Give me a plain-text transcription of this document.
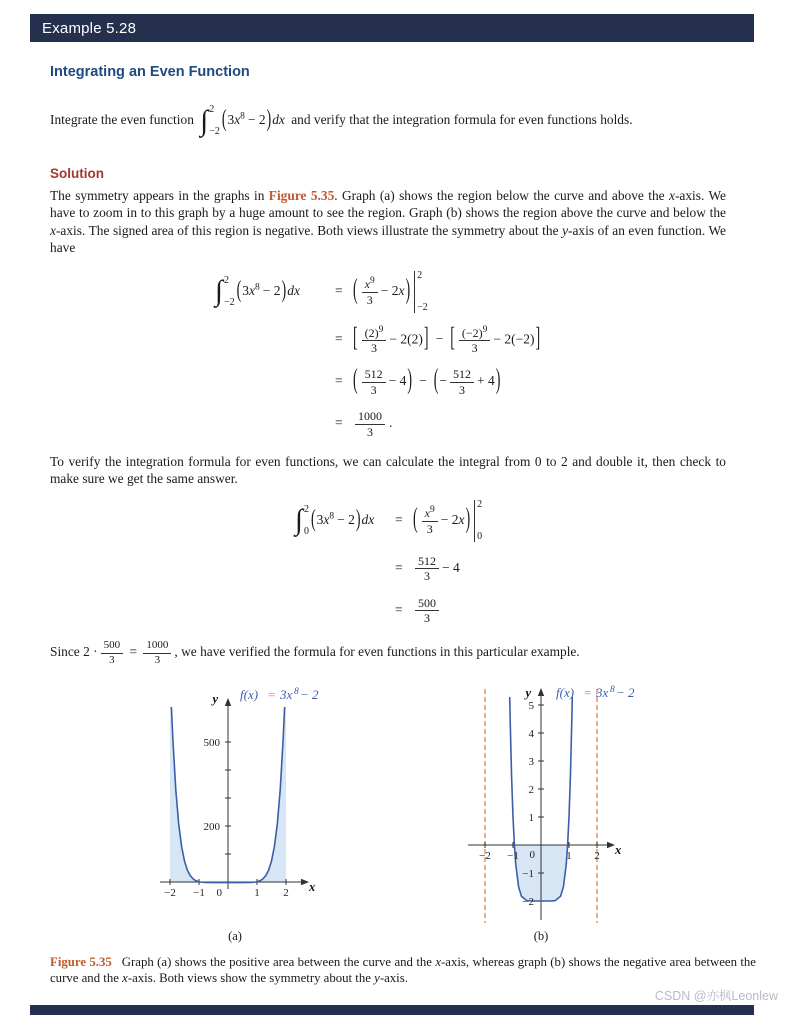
Example 5.28
Integrating an Even Function

Integrate the even function ∫ 2
−2 $(3x^8 - 2)dx$ and verify that the integration formula for even functions holds.

Solution

The symmetry appears in the graphs in Figure 5.35. Graph (a) shows the region below the curve and above the x-axis. We have to zoom in to this graph by a huge amount to see the region. Graph (b) shows the region above the curve and below the x-axis. The signed area of this region is negative. Both views illustrate the symmetry about the y-axis of an even function. We have

∫ 2
−2 $(3x^8 - 2)dx$	= ( $\frac{x^9}{3} - 2x$)
2
−2
= [ $\frac{(2)^9}{3} - 2(2)$] − [ $\frac{(-2)^9}{3} - 2(-2)$]
= ( $\frac{512}{3} - 4$) − (− $\frac{512}{3} + 4$)
= $\frac{1000}{3}$ .

To verify the integration formula for even functions, we can calculate the integral from 0 to 2 and double it, then check to make sure we get the same answer.

∫ 2
0 $(3x^8 - 2)dx$ = ( $\frac{x^9}{3} - 2x$)
2
0
= $\frac{512}{3} - 4$
= $\frac{500}{3}$

Since $2 \cdot \frac{500}{3} = \frac{1000}{3}$ , we have verified the formula for even functions in this particular example.

y f(x) = 3x 8 − 2
500
200
−2 −1 0	1 2 x
(a)
y f(x) = 3x 8 − 2
5
4
3
2
1
−1
−2
−2 −1 0	1 2 x
(b)

Figure 5.35 Graph (a) shows the positive area between the curve and the x-axis, whereas graph (b) shows the negative area between the curve and the x-axis. Both views show the symmetry about the y-axis.

CSDN @亦枫Leonlew
